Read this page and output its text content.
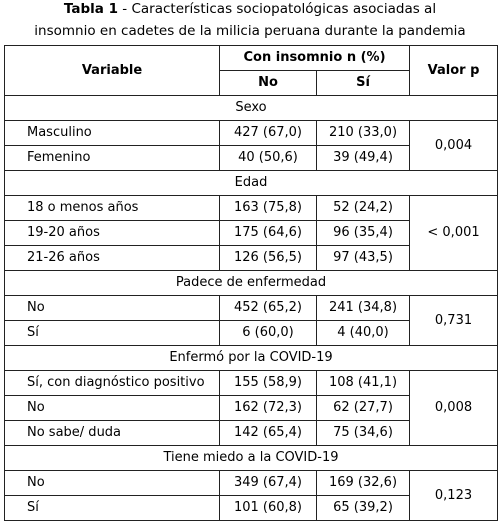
Tabla 1 - Características sociopatológicas asociadas al
insomnio en cadetes de la milicia peruana durante la pandemia
Variable	Con insomnio n (%)		Valor p
	No	Sí	
Sexo			
Masculino	427 (67,0)	210 (33,0)	0,004
Femenino	40 (50,6)	39 (49,4)	
Edad			
18 o menos años	163 (75,8)	52 (24,2)	< 0,001
19-20 años	175 (64,6)	96 (35,4)	
21-26 años	126 (56,5)	97 (43,5)	
Padece de enfermedad			
No	452 (65,2)	241 (34,8)	0,731
Sí	6 (60,0)	4 (40,0)	
Enfermó por la COVID-19			
Sí, con diagnóstico positivo	155 (58,9)	108 (41,1)	0,008
No	162 (72,3)	62 (27,7)	
No sabe/ duda	142 (65,4)	75 (34,6)	
Tiene miedo a la COVID-19			
No	349 (67,4)	169 (32,6)	0,123
Sí	101 (60,8)	65 (39,2)	
